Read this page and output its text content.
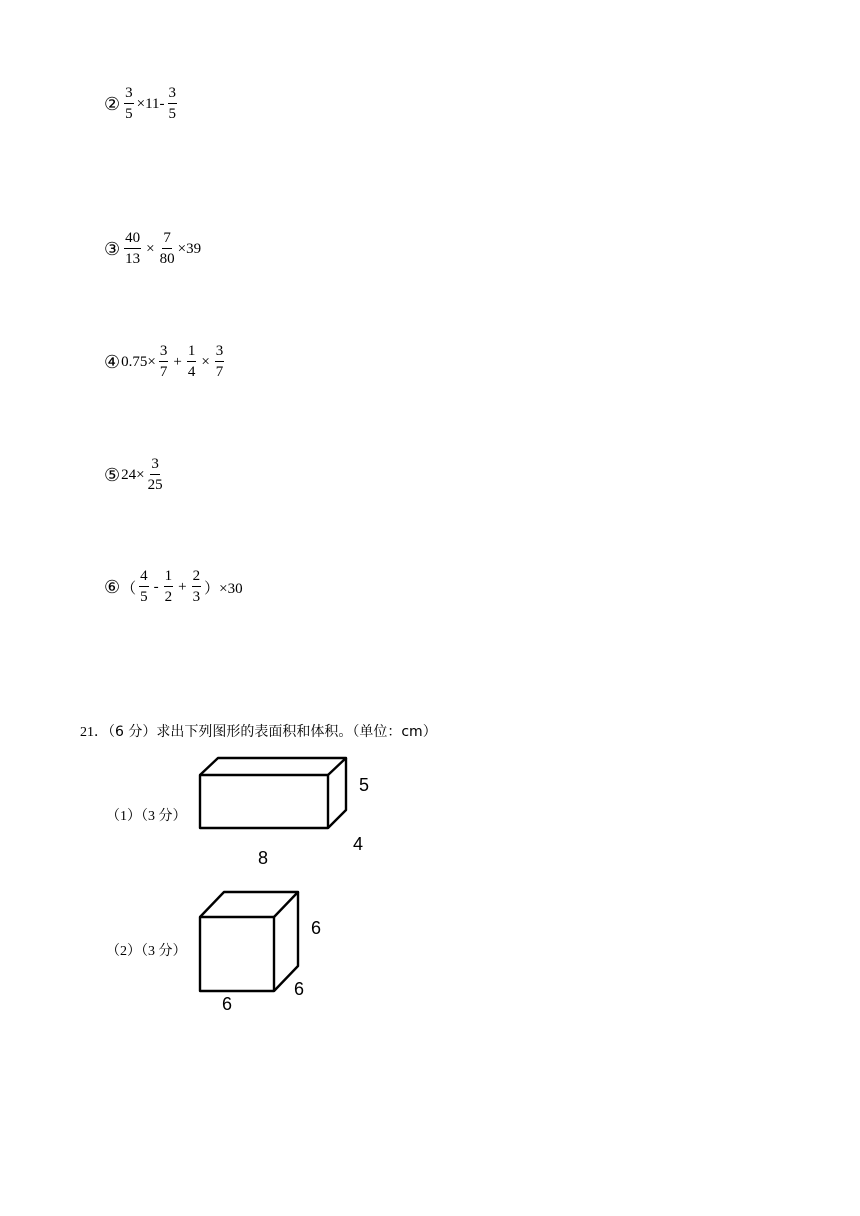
② $\frac{3}{5} \times 11- \frac{3}{5}$
③ $\frac{40}{13} \times \frac{7}{80} \times 39$
④ $0.75\times \frac{3}{7} + \frac{1}{4} \times \frac{3}{7}$
⑤ $24\times \frac{3}{25}$
⑥ （ $\frac{4}{5} - \frac{1}{2} + \frac{2}{3} )\times 30$
21．（6 分）求出下列图形的表面积和体积。（单位：cm）
（1）（3 分）
（2）（3 分）
5
4
8
6
6
6
